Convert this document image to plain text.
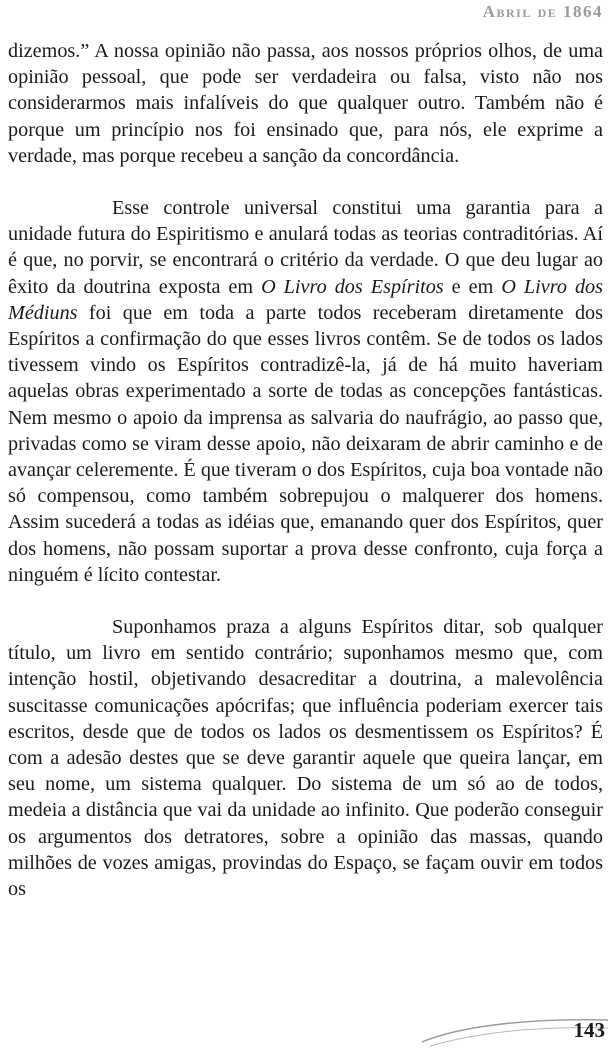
Abril de 1864

dizemos.” A nossa opinião não passa, aos nossos próprios olhos, de uma opinião pessoal, que pode ser verdadeira ou falsa, visto não nos considerarmos mais infalíveis do que qualquer outro. Também não é porque um princípio nos foi ensinado que, para nós, ele exprime a verdade, mas porque recebeu a sanção da concordância.

Esse controle universal constitui uma garantia para a unidade futura do Espiritismo e anulará todas as teorias contraditórias. Aí é que, no porvir, se encontrará o critério da verdade. O que deu lugar ao êxito da doutrina exposta em O Livro dos Espíritos e em O Livro dos Médiuns foi que em toda a parte todos receberam diretamente dos Espíritos a confirmação do que esses livros contêm. Se de todos os lados tivessem vindo os Espíritos contradizê-la, já de há muito haveriam aquelas obras experimentado a sorte de todas as concepções fantásticas. Nem mesmo o apoio da imprensa as salvaria do naufrágio, ao passo que, privadas como se viram desse apoio, não deixaram de abrir caminho e de avançar celeremente. É que tiveram o dos Espíritos, cuja boa vontade não só compensou, como também sobrepujou o malquerer dos homens. Assim sucederá a todas as idéias que, emanando quer dos Espíritos, quer dos homens, não possam suportar a prova desse confronto, cuja força a ninguém é lícito contestar.

Suponhamos praza a alguns Espíritos ditar, sob qualquer título, um livro em sentido contrário; suponhamos mesmo que, com intenção hostil, objetivando desacreditar a doutrina, a malevolência suscitasse comunicações apócrifas; que influência poderiam exercer tais escritos, desde que de todos os lados os desmentissem os Espíritos? É com a adesão destes que se deve garantir aquele que queira lançar, em seu nome, um sistema qualquer. Do sistema de um só ao de todos, medeia a distância que vai da unidade ao infinito. Que poderão conseguir os argumentos dos detratores, sobre a opinião das massas, quando milhões de vozes amigas, provindas do Espaço, se façam ouvir em todos os

143
